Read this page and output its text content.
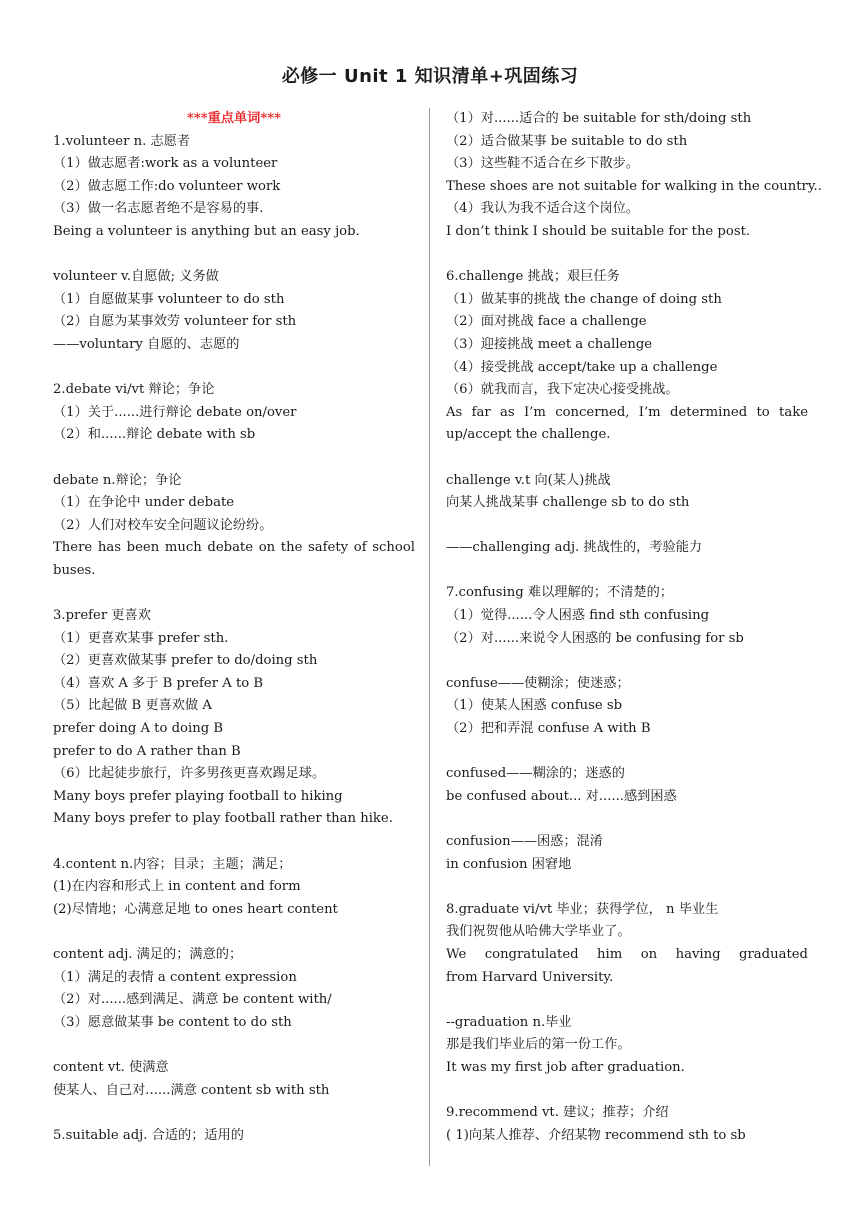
必修一 Unit 1 知识清单+巩固练习
***重点单词***
1.volunteer n. 志愿者
（1）做志愿者:work as a volunteer
（2）做志愿工作:do volunteer work
（3）做一名志愿者绝不是容易的事.
Being a volunteer is anything but an easy job.
volunteer v.自愿做; 义务做
（1）自愿做某事 volunteer to do sth
（2）自愿为某事效劳 volunteer for sth
——voluntary 自愿的、志愿的
2.debate vi/vt 辩论；争论
（1）关于......进行辩论 debate on/over
（2）和......辩论 debate with sb
debate n.辩论；争论
（1）在争论中 under debate
（2）人们对校车安全问题议论纷纷。
There has been much debate on the safety of school
buses.
3.prefer 更喜欢
（1）更喜欢某事 prefer sth.
（2）更喜欢做某事 prefer to do/doing sth
（4）喜欢 A 多于 B prefer A to B
（5）比起做 B 更喜欢做 A
prefer doing A to doing B
prefer to do A rather than B
（6）比起徒步旅行，许多男孩更喜欢踢足球。
Many boys prefer playing football to hiking
Many boys prefer to play football rather than hike.
4.content n.内容；目录；主题；满足；
(1)在内容和形式上 in content and form
(2)尽情地；心满意足地 to ones heart content
content adj. 满足的；满意的；
（1）满足的表情 a content expression
（2）对......感到满足、满意 be content with/
（3）愿意做某事 be content to do sth
content vt. 使满意
使某人、自己对......满意 content sb with sth
5.suitable adj. 合适的；适用的
（1）对......适合的 be suitable for sth/doing sth
（2）适合做某事 be suitable to do sth
（3）这些鞋不适合在乡下散步。
These shoes are not suitable for walking in the country..
（4）我认为我不适合这个岗位。
I don’t think I should be suitable for the post.
6.challenge 挑战；艰巨任务
（1）做某事的挑战 the change of doing sth
（2）面对挑战 face a challenge
（3）迎接挑战 meet a challenge
（4）接受挑战 accept/take up a challenge
（6）就我而言，我下定决心接受挑战。
As far as I’m concerned, I’m determined to take
up/accept the challenge.
challenge v.t 向(某人)挑战
向某人挑战某事 challenge sb to do sth
——challenging adj. 挑战性的，考验能力
7.confusing 难以理解的；不清楚的；
（1）觉得......令人困惑 find sth confusing
（2）对......来说令人困惑的 be confusing for sb
confuse——使糊涂；使迷惑；
（1）使某人困惑 confuse sb
（2）把和弄混 confuse A with B
confused——糊涂的；迷惑的
be confused about... 对......感到困惑
confusion——困惑；混淆
in confusion 困窘地
8.graduate vi/vt 毕业；获得学位， n 毕业生
我们祝贺他从哈佛大学毕业了。
We congratulated him on having graduated
from Harvard University.
--graduation n.毕业
那是我们毕业后的第一份工作。
It was my first job after graduation.
9.recommend vt. 建议；推荐；介绍
( 1)向某人推荐、介绍某物 recommend sth to sb
